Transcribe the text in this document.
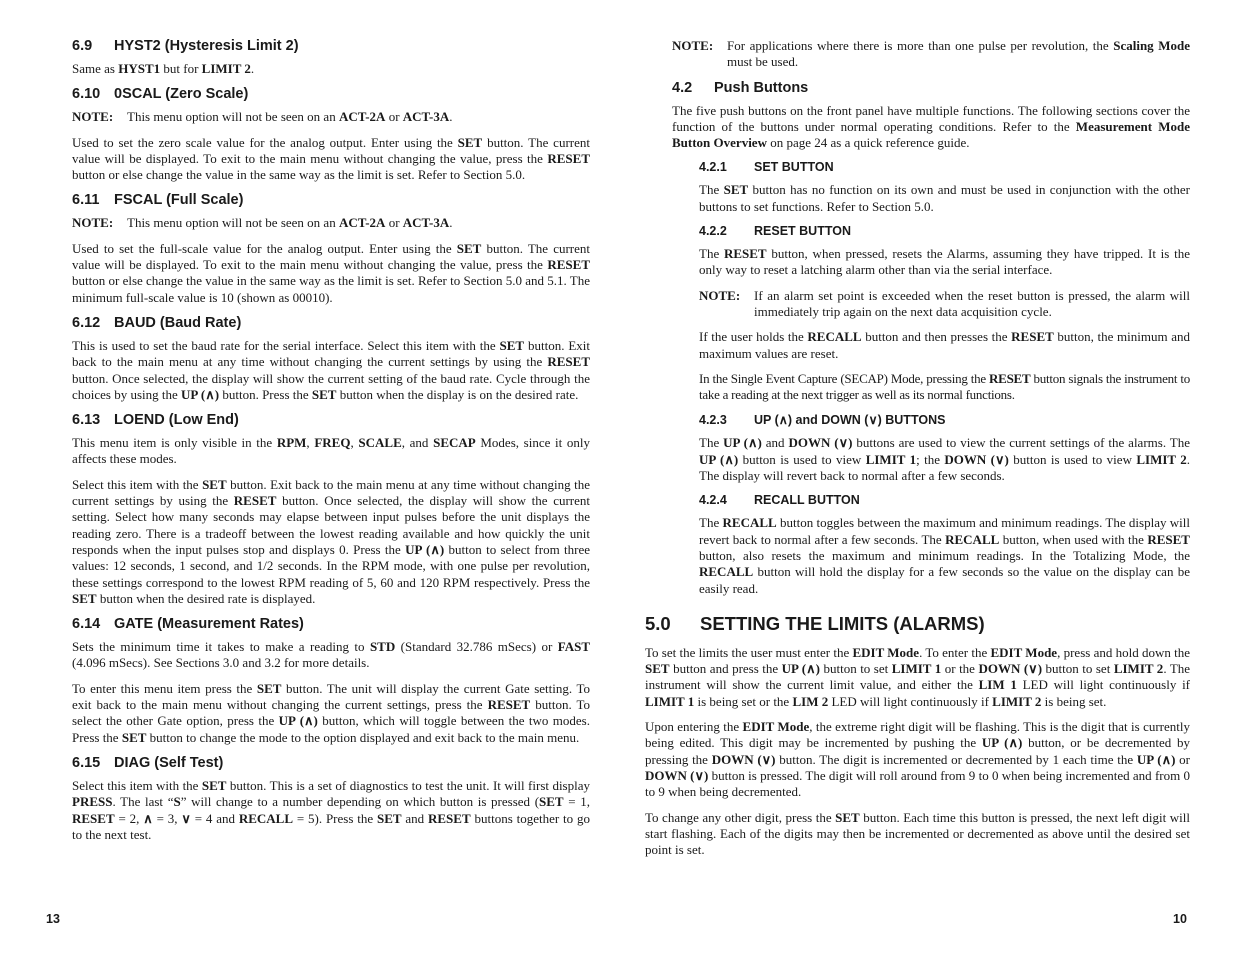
6.9 HYST2 (Hysteresis Limit 2)

Same as HYST1 but for LIMIT 2.

6.10 0SCAL (Zero Scale)
NOTE:	This menu option will not be seen on an ACT-2A or ACT-3A.

Used to set the zero scale value for the analog output. Enter using the SET button. The current value will be displayed. To exit to the main menu without changing the value, press the RESET button or else change the value in the same way as the limit is set. Refer to Section 5.0.

6.11 FSCAL (Full Scale)
NOTE:	This menu option will not be seen on an ACT-2A or ACT-3A.

Used to set the full-scale value for the analog output. Enter using the SET button. The current value will be displayed. To exit to the main menu without changing the value, press the RESET button or else change the value in the same way as the limit is set. Refer to Section 5.0 and 5.1. The minimum full-scale value is 10 (shown as 00010).

6.12 BAUD (Baud Rate)

This is used to set the baud rate for the serial interface. Select this item with the SET button. Exit back to the main menu at any time without changing the current settings by using the RESET button. Once selected, the display will show the current setting of the baud rate. Cycle through the choices by using the UP (∧) button. Press the SET button when the display is on the desired rate.

6.13 LOEND (Low End)

This menu item is only visible in the RPM, FREQ, SCALE, and SECAP Modes, since it only affects these modes.

Select this item with the SET button. Exit back to the main menu at any time without changing the current settings by using the RESET button. Once selected, the display will show the current setting. Select how many seconds may elapse between input pulses before the unit displays the reading zero. There is a tradeoff between the lowest reading available and how quickly the unit responds when the input pulses stop and displays 0. Press the UP (∧) button to select from three values: 12 seconds, 1 second, and 1/2 seconds. In the RPM mode, with one pulse per revolution, these settings correspond to the lowest RPM reading of 5, 60 and 120 RPM respectively. Press the SET button when the desired rate is displayed.

6.14 GATE (Measurement Rates)

Sets the minimum time it takes to make a reading to STD (Standard 32.786 mSecs) or FAST (4.096 mSecs). See Sections 3.0 and 3.2 for more details.

To enter this menu item press the SET button. The unit will display the current Gate setting. To exit back to the main menu without changing the current settings, press the RESET button. To select the other Gate option, press the UP (∧) button, which will toggle between the two modes. Press the SET button to change the mode to the option displayed and exit back to the main menu.

6.15 DIAG (Self Test)

Select this item with the SET button. This is a set of diagnostics to test the unit. It will first display PRESS. The last “S” will change to a number depending on which button is pressed (SET = 1, RESET = 2, ∧ = 3, ∨ = 4 and RECALL = 5). Press the SET and RESET buttons together to go to the next test.

NOTE:	For applications where there is more than one pulse per revolution, the Scaling Mode must be used.
4.2 Push Buttons

The five push buttons on the front panel have multiple functions. The following sections cover the function of the buttons under normal operating conditions. Refer to the Measurement Mode Button Overview on page 24 as a quick reference guide.

4.2.1 SET BUTTON

The SET button has no function on its own and must be used in conjunction with the other buttons to set functions. Refer to Section 5.0.

4.2.2 RESET BUTTON

The RESET button, when pressed, resets the Alarms, assuming they have tripped. It is the only way to reset a latching alarm other than via the serial interface.

NOTE:	If an alarm set point is exceeded when the reset button is pressed, the alarm will immediately trip again on the next data acquisition cycle.

If the user holds the RECALL button and then presses the RESET button, the minimum and maximum values are reset.

In the Single Event Capture (SECAP) Mode, pressing the RESET button signals the instrument to take a reading at the next trigger as well as its normal functions.

4.2.3 UP (∧) and DOWN (∨) BUTTONS

The UP (∧) and DOWN (∨) buttons are used to view the current settings of the alarms. The UP (∧) button is used to view LIMIT 1; the DOWN (∨) button is used to view LIMIT 2. The display will revert back to normal after a few seconds.

4.2.4 RECALL BUTTON

The RECALL button toggles between the maximum and minimum readings. The display will revert back to normal after a few seconds. The RECALL button, when used with the RESET button, also resets the maximum and minimum readings. In the Totalizing Mode, the RECALL button will hold the display for a few seconds so the value on the display can be easily read.

5.0 SETTING THE LIMITS (ALARMS)

To set the limits the user must enter the EDIT Mode. To enter the EDIT Mode, press and hold down the SET button and press the UP (∧) button to set LIMIT 1 or the DOWN (∨) button to set LIMIT 2. The instrument will show the current limit value, and either the LIM 1 LED will light continuously if LIMIT 1 is being set or the LIM 2 LED will light continuously if LIMIT 2 is being set.

Upon entering the EDIT Mode, the extreme right digit will be flashing. This is the digit that is currently being edited. This digit may be incremented by pushing the UP (∧) button, or be decremented by pressing the DOWN (∨) button. The digit is incremented or decremented by 1 each time the UP (∧) or DOWN (∨) button is pressed. The digit will roll around from 9 to 0 when being incremented and from 0 to 9 when being decremented.

To change any other digit, press the SET button. Each time this button is pressed, the next left digit will start flashing. Each of the digits may then be incremented or decremented as above until the desired set point is set.

13	10
